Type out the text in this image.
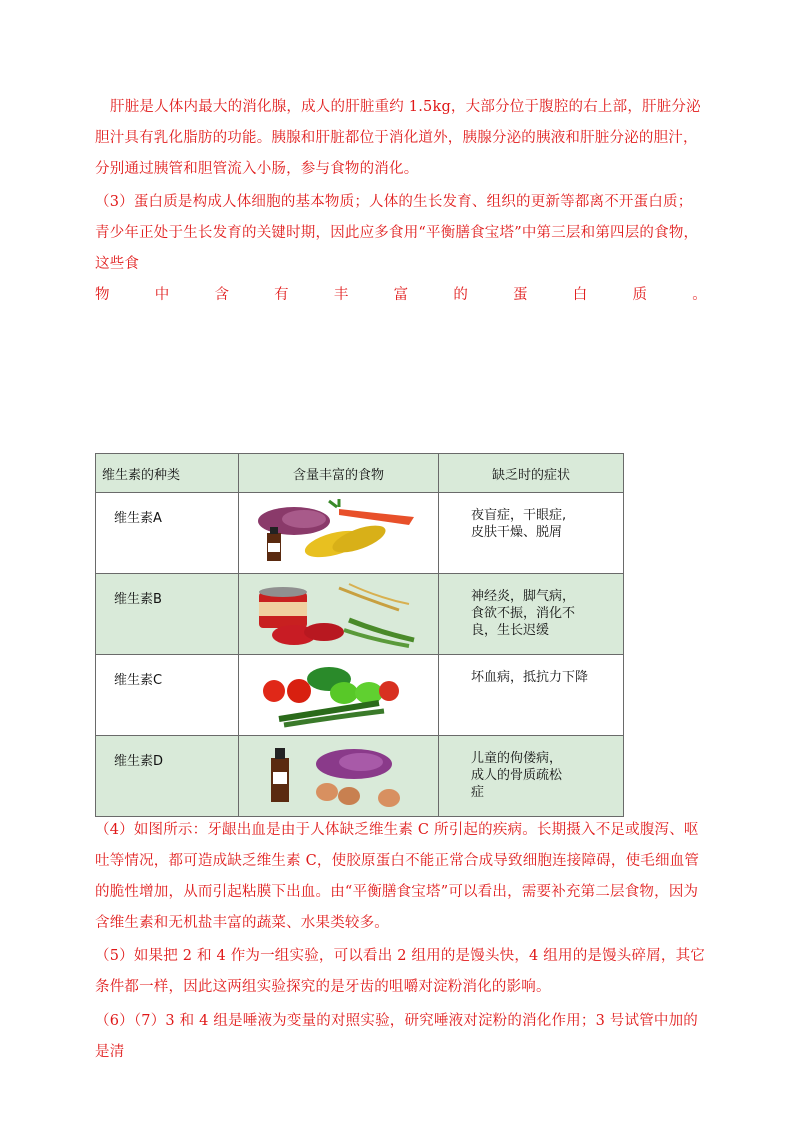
肝脏是人体内最大的消化腺，成人的肝脏重约 1.5kg，大部分位于腹腔的右上部，肝脏分泌胆汁具有乳化脂肪的功能。胰腺和肝脏都位于消化道外，胰腺分泌的胰液和肝脏分泌的胆汁，分别通过胰管和胆管流入小肠，参与食物的消化。

（3）蛋白质是构成人体细胞的基本物质；人体的生长发育、组织的更新等都离不开蛋白质；青少年正处于生长发育的关键时期，因此应多食用“平衡膳食宝塔”中第三层和第四层的食物，这些食
物	中	含	有	丰	富	的	蛋	白	质	。
维生素的种类	含量丰富的食物	缺乏时的症状
维生素A		夜盲症，干眼症,
皮肤干燥、脱屑

维生素B		神经炎，脚气病，
食欲不振，消化不
良，生长迟缓

维生素C		坏血病，抵抗力下降

维生素D		儿童的佝偻病，
成人的骨质疏松
症

（4）如图所示：牙龈出血是由于人体缺乏维生素 C 所引起的疾病。长期摄入不足或腹泻、呕吐等情况，都可造成缺乏维生素 C，使胶原蛋白不能正常合成导致细胞连接障碍，使毛细血管的脆性增加，从而引起粘膜下出血。由“平衡膳食宝塔”可以看出，需要补充第二层食物，因为含维生素和无机盐丰富的蔬菜、水果类较多。

（5）如果把 2 和 4 作为一组实验，可以看出 2 组用的是馒头快，4 组用的是馒头碎屑，其它条件都一样，因此这两组实验探究的是牙齿的咀嚼对淀粉消化的影响。

（6）（7）3 和 4 组是唾液为变量的对照实验，研究唾液对淀粉的消化作用；3 号试管中加的是清
